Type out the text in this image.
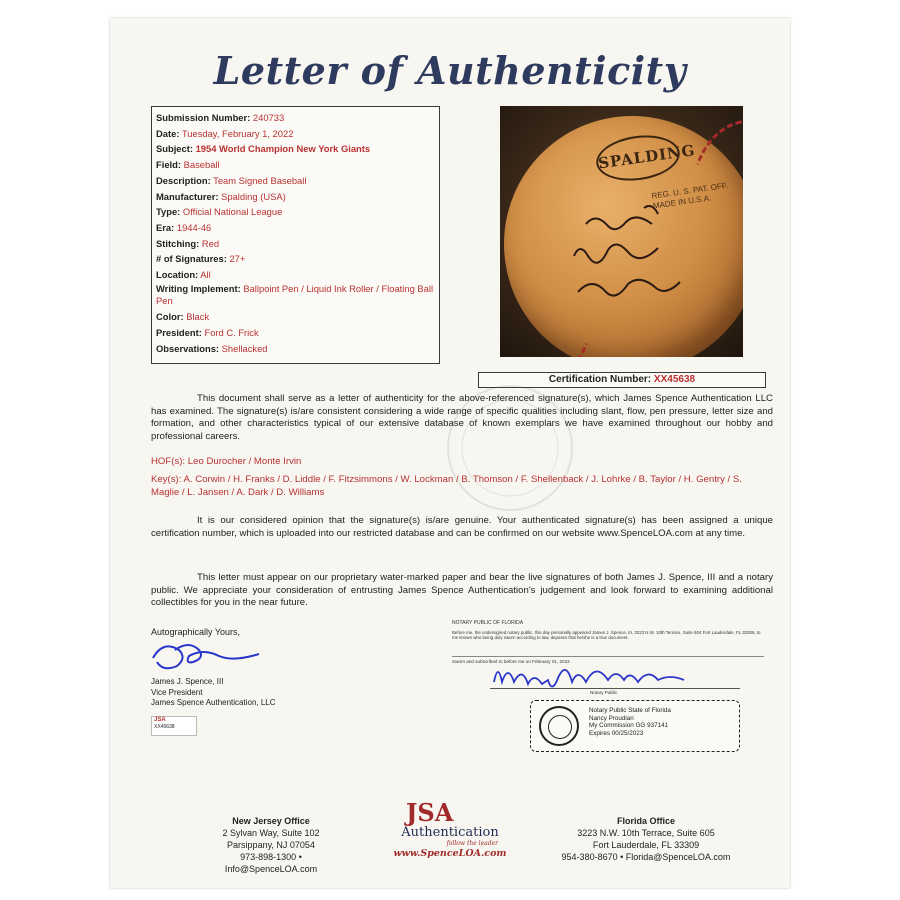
Letter of Authenticity
Submission Number: 240733
Date: Tuesday, February 1, 2022
Subject: 1954 World Champion New York Giants
Field: Baseball
Description: Team Signed Baseball
Manufacturer: Spalding (USA)
Type: Official National League
Era: 1944-46
Stitching: Red
# of Signatures: 27+
Location: All
Writing Implement: Ballpoint Pen / Liquid Ink Roller / Floating Ball Pen
Color: Black
President: Ford C. Frick
Observations: Shellacked
SPALDING
REG. U. S. PAT. OFF. MADE IN U.S.A.
Certification Number: XX45638
This document shall serve as a letter of authenticity for the above-referenced signature(s), which James Spence Authentication LLC has examined. The signature(s) is/are consistent considering a wide range of specific qualities including slant, flow, pen pressure, letter size and formation, and other characteristics typical of our extensive database of known exemplars we have examined throughout our hobby and professional careers.
HOF(s): Leo Durocher / Monte Irvin
Key(s): A. Corwin / H. Franks / D. Liddle / F. Fitzsimmons / W. Lockman / B. Thomson / F. Shellenback / J. Lohrke / B. Taylor / H. Gentry / S. Maglie / L. Jansen / A. Dark / D. Williams
It is our considered opinion that the signature(s) is/are genuine. Your authenticated signature(s) has been assigned a unique certification number, which is uploaded into our restricted database and can be confirmed on our website www.SpenceLOA.com at any time.
This letter must appear on our proprietary water-marked paper and bear the live signatures of both James J. Spence, III and a notary public. We appreciate your consideration of entrusting James Spence Authentication's judgement and look forward to examining additional collectibles for you in the near future.
Autographically Yours,
James J. Spence, III
Vice President
James Spence Authentication, LLC
JSA
XX45638
NOTARY PUBLIC OF FLORIDA
Before me, the undersigned notary public, this day personally appeared James J. Spence, III, 3223 N.W. 10th Terrace, Suite 604 Fort Lauderdale, FL 33309, to me known who being duly sworn according to law, deposes that he/she is a true document.
Sworn and subscribed to before me on February 01, 2022
Notary Public
Notary Public State of Florida
Nancy Proudian
My Commission GG 937141
Expires 00/25/2023
New Jersey Office
2 Sylvan Way, Suite 102
Parsippany, NJ 07054
973-898-1300 • Info@SpenceLOA.com
JSA
Authentication
follow the leader
www.SpenceLOA.com
Florida Office
3223 N.W. 10th Terrace, Suite 605
Fort Lauderdale, FL 33309
954-380-8670 • Florida@SpenceLOA.com
